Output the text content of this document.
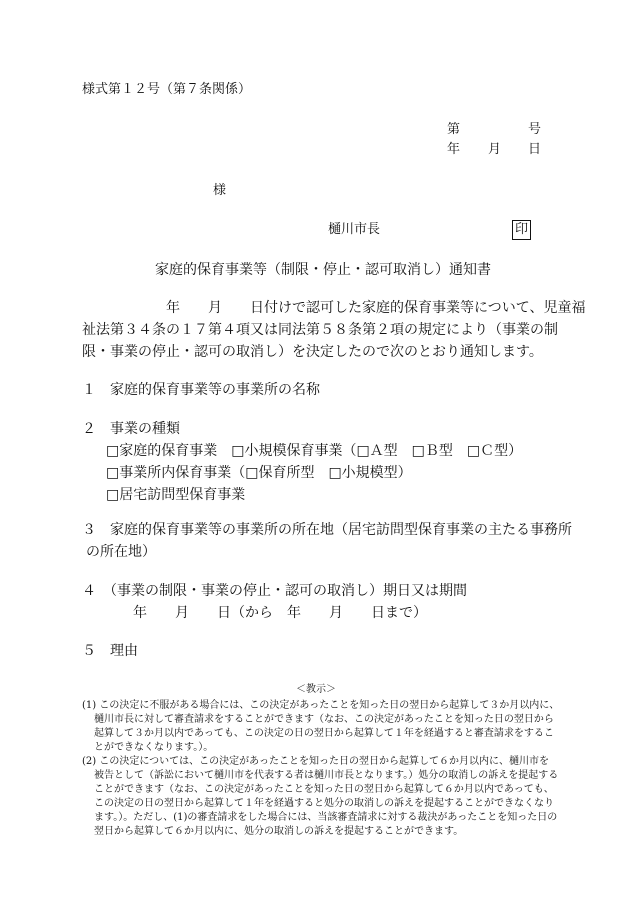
様式第１２号（第７条関係）
第	号
年 月 日
様
樋川市長	印
家庭的保育事業等（制限・停止・認可取消し）通知書
　　　　　　年　　月　　日付けで認可した家庭的保育事業等について、児童福
祉法第３４条の１７第４項又は同法第５８条第２項の規定により（事業の制
限・事業の停止・認可の取消し）を決定したので次のとおり通知します。
１　家庭的保育事業等の事業所の名称
２　事業の種類
□家庭的保育事業　□小規模保育事業（□Ａ型　□Ｂ型　□Ｃ型）
□事業所内保育事業（□保育所型　□小規模型）
□居宅訪問型保育事業
３　家庭的保育事業等の事業所の所在地（居宅訪問型保育事業の主たる事務所
の所在地）
４　（事業の制限・事業の停止・認可の取消し）期日又は期間
年　　月　　日（から　年　　月　　日まで）
５　理由
＜教示＞
(1) この決定に不服がある場合には、この決定があったことを知った日の翌日から起算して３か月以内に、
樋川市長に対して審査請求をすることができます（なお、この決定があったことを知った日の翌日から
起算して３か月以内であっても、この決定の日の翌日から起算して１年を経過すると審査請求をするこ
とができなくなります。）。
(2) この決定については、この決定があったことを知った日の翌日から起算して６か月以内に、樋川市を
被告として（訴訟において樋川市を代表する者は樋川市長となります。）処分の取消しの訴えを提起する
ことができます（なお、この決定があったことを知った日の翌日から起算して６か月以内であっても、
この決定の日の翌日から起算して１年を経過すると処分の取消しの訴えを提起することができなくなり
ます。）。ただし、(1)の審査請求をした場合には、当該審査請求に対する裁決があったことを知った日の
翌日から起算して６か月以内に、処分の取消しの訴えを提起することができます。
